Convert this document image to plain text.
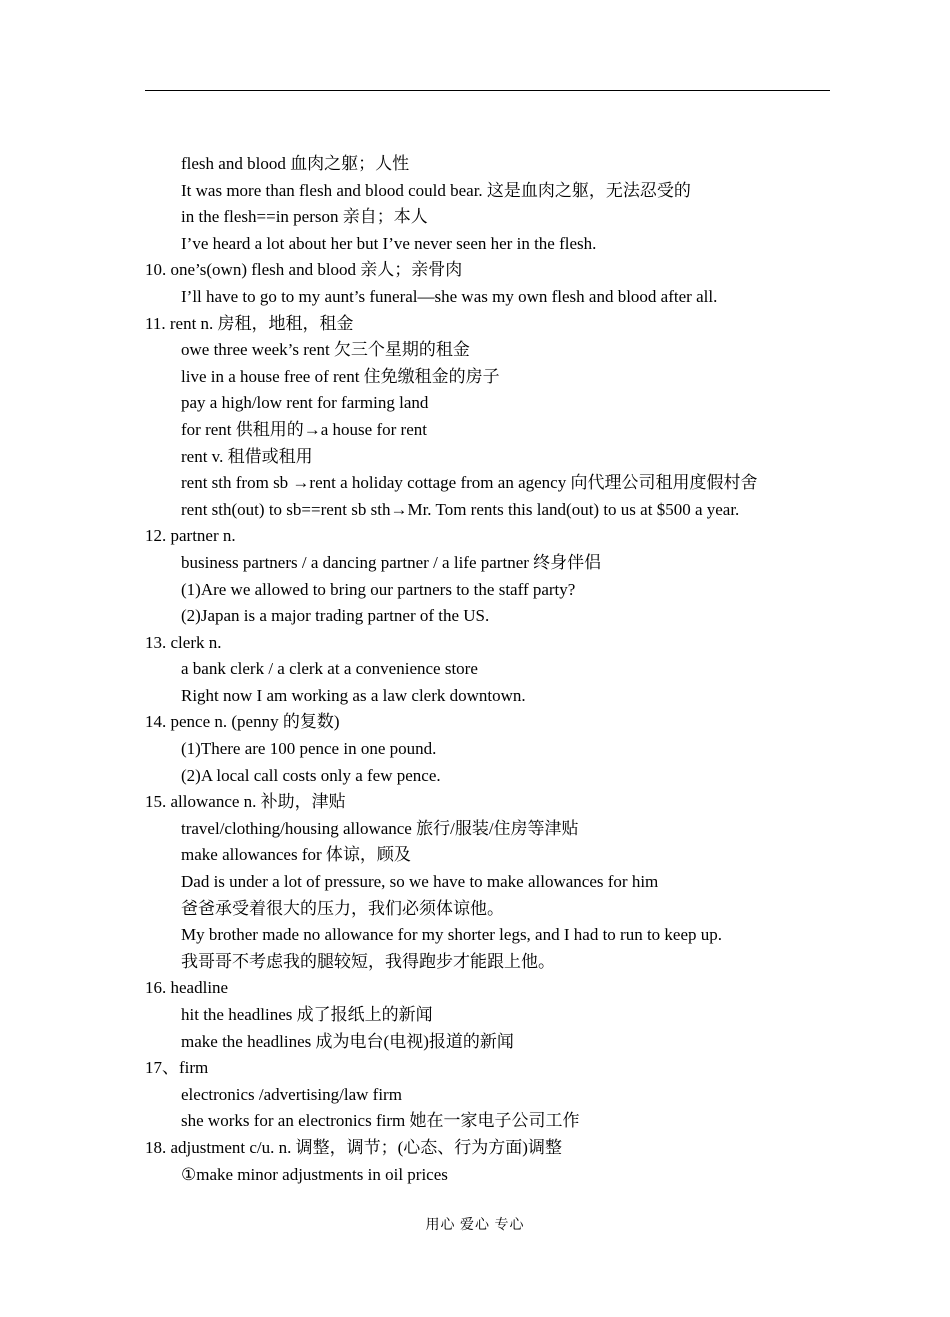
flesh and blood 血肉之躯；人性
It was more than flesh and blood could bear. 这是血肉之躯，无法忍受的
in the flesh==in person 亲自；本人
I’ve heard a lot about her but I’ve never seen her in the flesh.
10. one’s(own) flesh and blood 亲人；亲骨肉
I’ll have to go to my aunt’s funeral—she was my own flesh and blood after all.
11. rent n. 房租，地租，租金
owe three week’s rent 欠三个星期的租金
live in a house free of rent 住免缴租金的房子
pay a high/low rent for farming land
for rent 供租用的→a house for rent
rent v. 租借或租用
rent sth from sb →rent a holiday cottage from an agency 向代理公司租用度假村舍
rent sth(out) to sb==rent sb sth→Mr. Tom rents this land(out) to us at $500 a year.
12. partner n.
business partners / a dancing partner / a life partner 终身伴侣
(1)Are we allowed to bring our partners to the staff party?
(2)Japan is a major trading partner of the US.
13. clerk n.
a bank clerk / a clerk at a convenience store
Right now I am working as a law clerk downtown.
14. pence n. (penny 的复数)
(1)There are 100 pence in one pound.
(2)A local call costs only a few pence.
15. allowance n. 补助，津贴
travel/clothing/housing allowance 旅行/服装/住房等津贴
make allowances for 体谅，顾及
Dad is under a lot of pressure, so we have to make allowances for him
爸爸承受着很大的压力，我们必须体谅他。
My brother made no allowance for my shorter legs, and I had to run to keep up.
我哥哥不考虑我的腿较短，我得跑步才能跟上他。
16. headline
hit the headlines 成了报纸上的新闻
make the headlines 成为电台(电视)报道的新闻
17、firm
electronics /advertising/law firm
she works for an electronics firm 她在一家电子公司工作
18. adjustment c/u. n. 调整，调节；(心态、行为方面)调整
①make minor adjustments in oil prices
用心 爱心 专心
